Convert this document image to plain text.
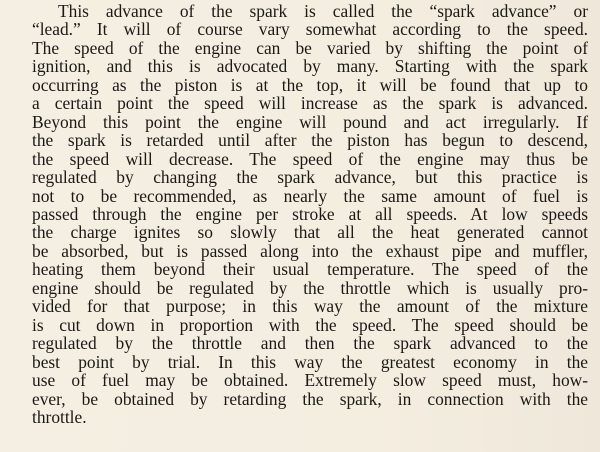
This advance of the spark is called the “spark advance” or
“lead.” It will of course vary somewhat according to the speed.
The speed of the engine can be varied by shifting the point of
ignition, and this is advocated by many. Starting with the spark
occurring as the piston is at the top, it will be found that up to
a certain point the speed will increase as the spark is advanced.
Beyond this point the engine will pound and act irregularly. If
the spark is retarded until after the piston has begun to descend,
the speed will decrease. The speed of the engine may thus be
regulated by changing the spark advance, but this practice is
not to be recommended, as nearly the same amount of fuel is
passed through the engine per stroke at all speeds. At low speeds
the charge ignites so slowly that all the heat generated cannot
be absorbed, but is passed along into the exhaust pipe and muffler,
heating them beyond their usual temperature. The speed of the
engine should be regulated by the throttle which is usually pro-
vided for that purpose; in this way the amount of the mixture
is cut down in proportion with the speed. The speed should be
regulated by the throttle and then the spark advanced to the
best point by trial. In this way the greatest economy in the
use of fuel may be obtained. Extremely slow speed must, how-
ever, be obtained by retarding the spark, in connection with the
throttle.
